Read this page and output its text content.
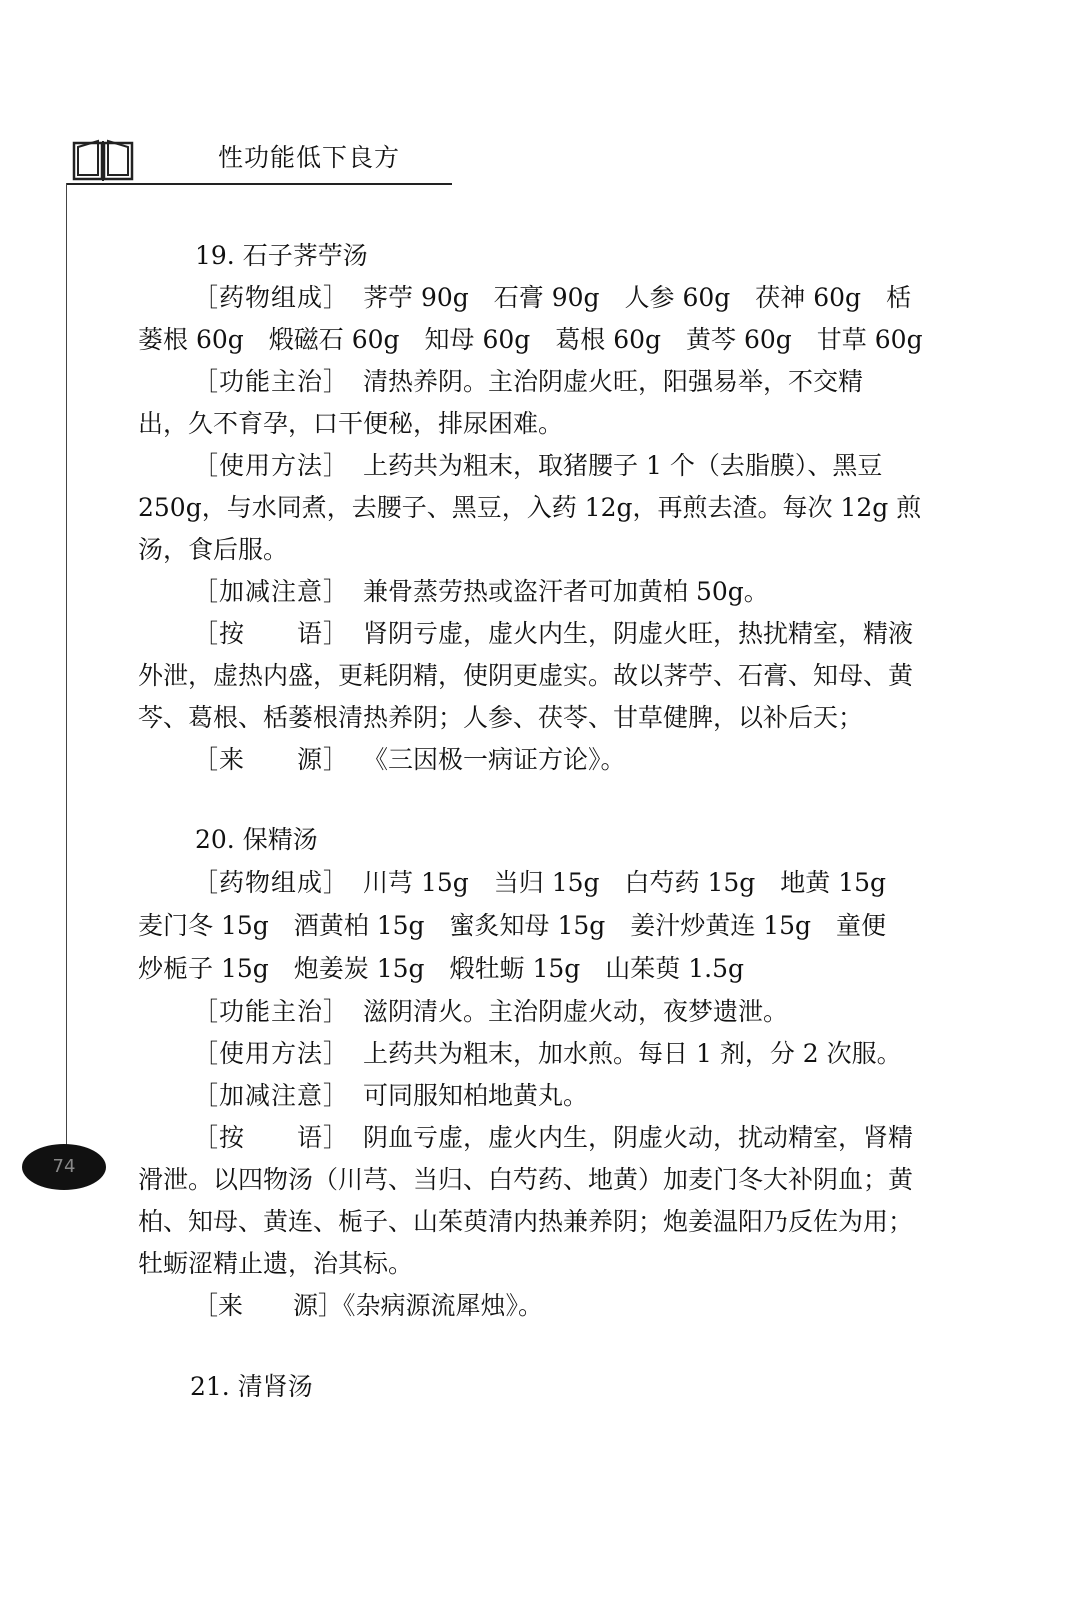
性功能低下良方
74
19. 石子荠苧汤
［药物组成］ 荠苧 90g　石膏 90g　人参 60g　茯神 60g　栝
蒌根 60g　煅磁石 60g　知母 60g　葛根 60g　黄芩 60g　甘草 60g
［功能主治］ 清热养阴。主治阴虚火旺，阳强易举，不交精
出，久不育孕，口干便秘，排尿困难。
［使用方法］ 上药共为粗末，取猪腰子 1 个（去脂膜）、黑豆
250g，与水同煮，去腰子、黑豆，入药 12g，再煎去渣。每次 12g 煎
汤，食后服。
［加减注意］ 兼骨蒸劳热或盗汗者可加黄柏 50g。
［按　　语］ 肾阴亏虚，虚火内生，阴虚火旺，热扰精室，精液
外泄，虚热内盛，更耗阴精，使阴更虚实。故以荠苧、石膏、知母、黄
芩、葛根、栝蒌根清热养阴；人参、茯苓、甘草健脾，以补后天；
［来　　源］ 《三因极一病证方论》。
20. 保精汤
［药物组成］ 川芎 15g　当归 15g　白芍药 15g　地黄 15g
麦门冬 15g　酒黄柏 15g　蜜炙知母 15g　姜汁炒黄连 15g　童便
炒栀子 15g　炮姜炭 15g　煅牡蛎 15g　山茱萸 1.5g
［功能主治］ 滋阴清火。主治阴虚火动，夜梦遗泄。
［使用方法］ 上药共为粗末，加水煎。每日 1 剂，分 2 次服。
［加减注意］ 可同服知柏地黄丸。
［按　　语］ 阴血亏虚，虚火内生，阴虚火动，扰动精室，肾精
滑泄。以四物汤（川芎、当归、白芍药、地黄）加麦门冬大补阴血；黄
柏、知母、黄连、栀子、山茱萸清内热兼养阴；炮姜温阳乃反佐为用；
牡蛎涩精止遗，治其标。
［来　　源］《杂病源流犀烛》。
21. 清肾汤
